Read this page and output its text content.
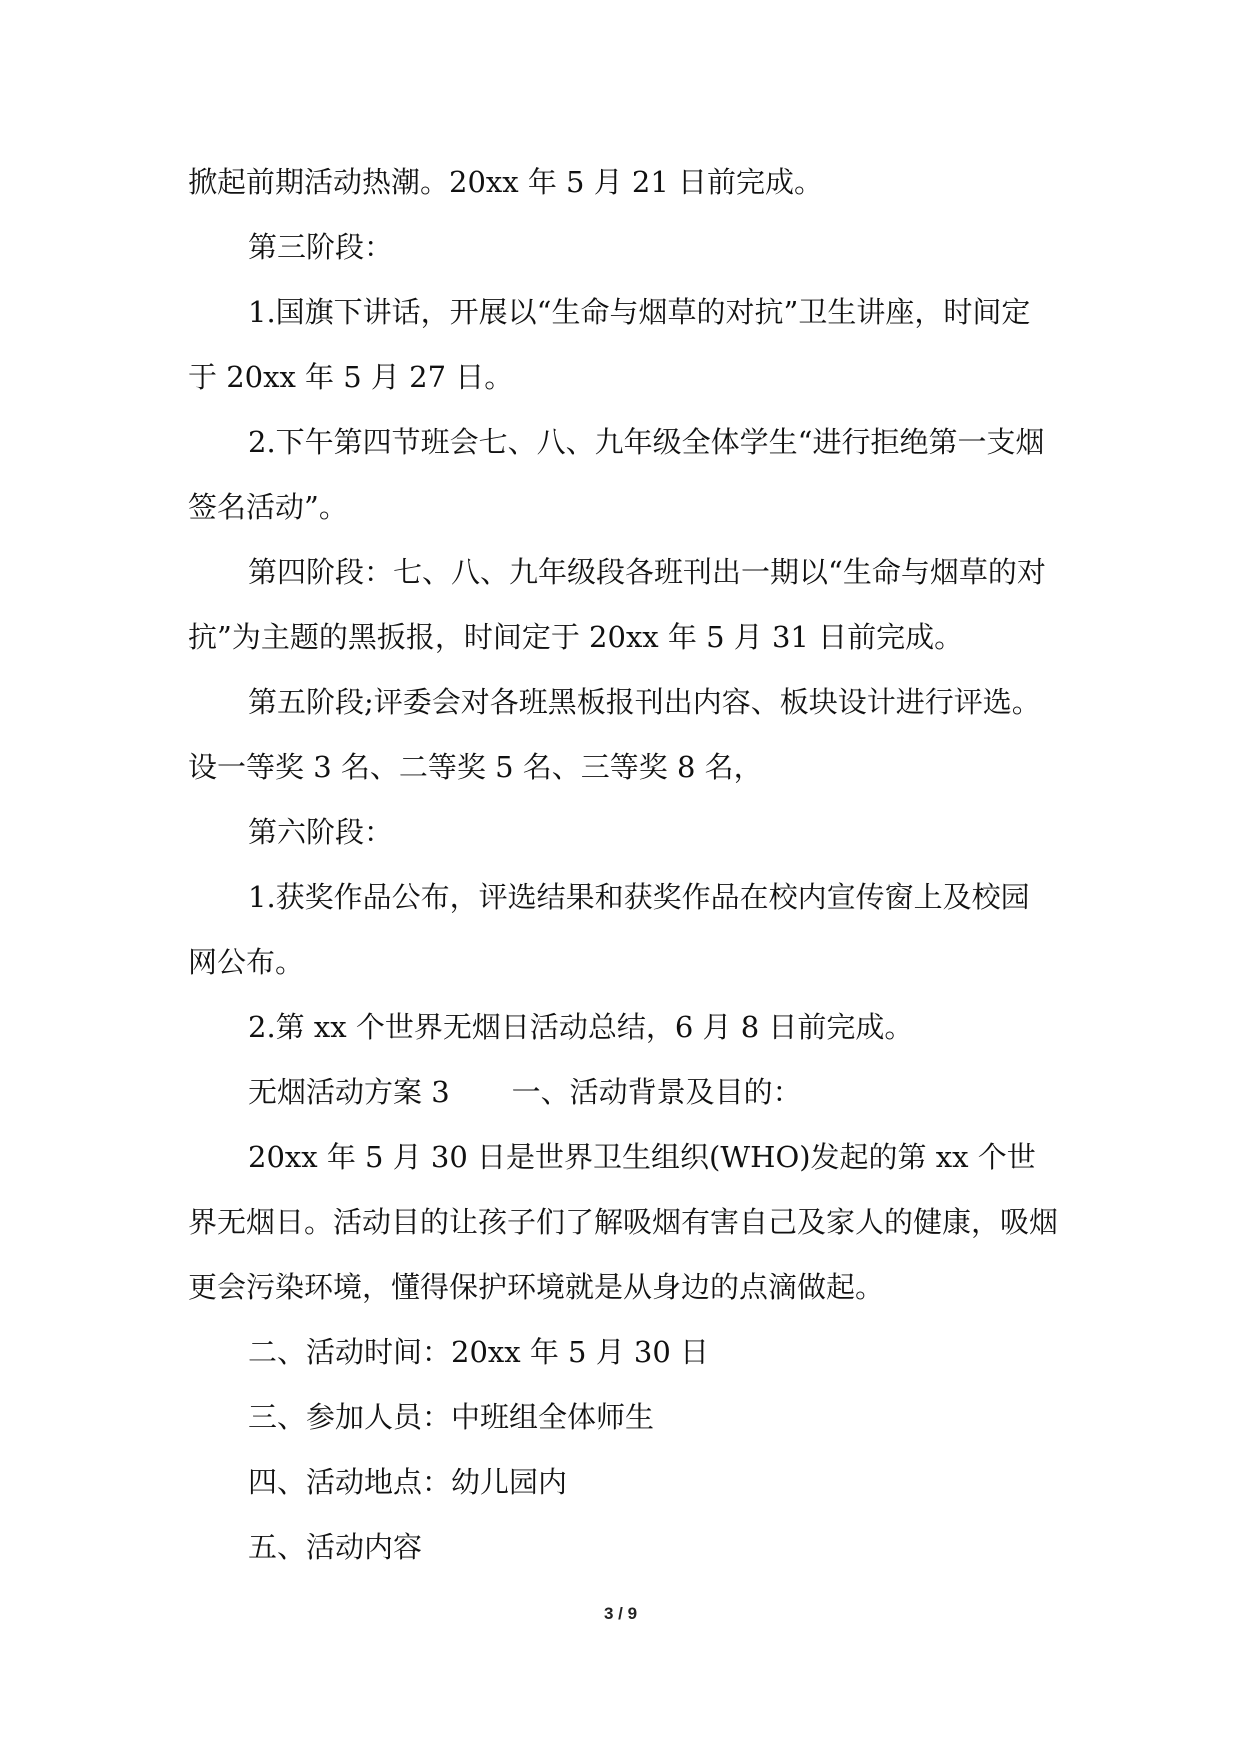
掀起前期活动热潮。20xx 年 5 月 21 日前完成。

第三阶段：

1.国旗下讲话，开展以“生命与烟草的对抗”卫生讲座，时间定于 20xx 年 5 月 27 日。

2.下午第四节班会七、八、九年级全体学生“进行拒绝第一支烟签名活动”。

第四阶段：七、八、九年级段各班刊出一期以“生命与烟草的对抗”为主题的黑扳报，时间定于 20xx 年 5 月 31 日前完成。

第五阶段;评委会对各班黑板报刊出内容、板块设计进行评选。设一等奖 3 名、二等奖 5 名、三等奖 8 名，

第六阶段：

1.获奖作品公布，评选结果和获奖作品在校内宣传窗上及校园网公布。

2.第 xx 个世界无烟日活动总结，6 月 8 日前完成。

无烟活动方案 3 一、活动背景及目的：

20xx 年 5 月 30 日是世界卫生组织(WHO)发起的第 xx 个世界无烟日。活动目的让孩子们了解吸烟有害自己及家人的健康，吸烟更会污染环境，懂得保护环境就是从身边的点滴做起。

二、活动时间：20xx 年 5 月 30 日

三、参加人员：中班组全体师生

四、活动地点：幼儿园内

五、活动内容

3 / 9
